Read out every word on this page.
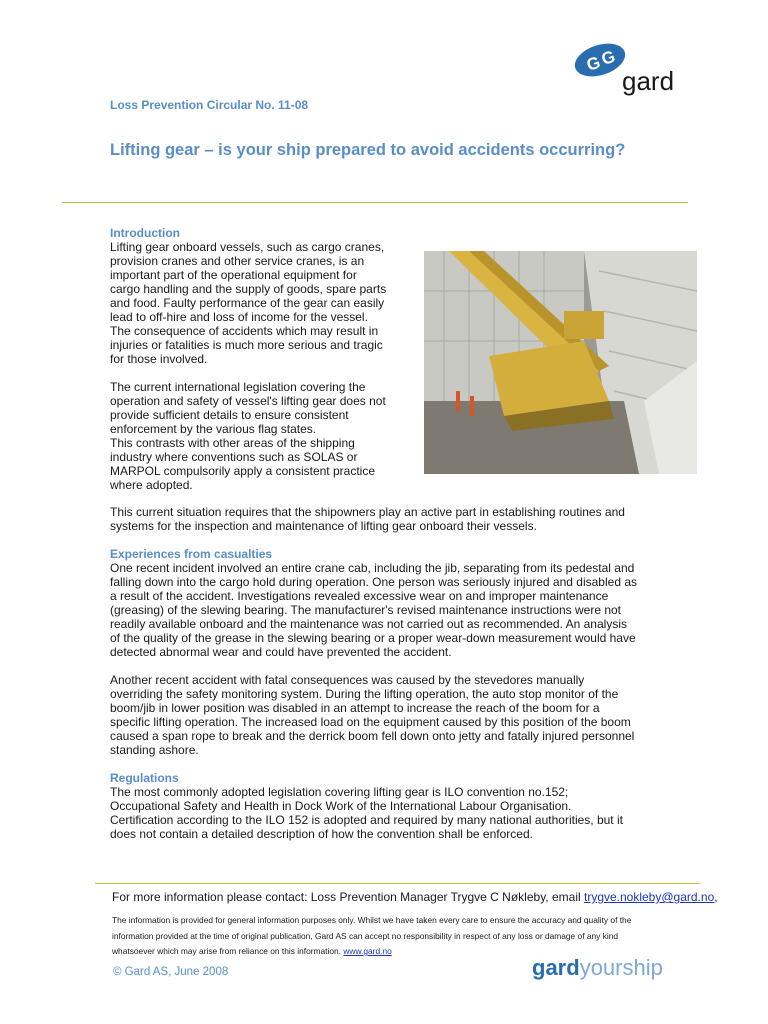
G
G
gard
Loss Prevention Circular No. 11-08
Lifting gear – is your ship prepared to avoid accidents occurring?

Introduction

Lifting gear onboard vessels, such as cargo cranes,
provision cranes and other service cranes, is an
important part of the operational equipment for
cargo handling and the supply of goods, spare parts
and food. Faulty performance of the gear can easily
lead to off-hire and loss of income for the vessel.
The consequence of accidents which may result in
injuries or fatalities is much more serious and tragic
for those involved.

The current international legislation covering the
operation and safety of vessel's lifting gear does not
provide sufficient details to ensure consistent
enforcement by the various flag states.
This contrasts with other areas of the shipping
industry where conventions such as SOLAS or
MARPOL compulsorily apply a consistent practice
where adopted.

This current situation requires that the shipowners play an active part in establishing routines and
systems for the inspection and maintenance of lifting gear onboard their vessels.

Experiences from casualties

One recent incident involved an entire crane cab, including the jib, separating from its pedestal and
falling down into the cargo hold during operation. One person was seriously injured and disabled as
a result of the accident. Investigations revealed excessive wear on and improper maintenance
(greasing) of the slewing bearing. The manufacturer's revised maintenance instructions were not
readily available onboard and the maintenance was not carried out as recommended. An analysis
of the quality of the grease in the slewing bearing or a proper wear-down measurement would have
detected abnormal wear and could have prevented the accident.

Another recent accident with fatal consequences was caused by the stevedores manually
overriding the safety monitoring system. During the lifting operation, the auto stop monitor of the
boom/jib in lower position was disabled in an attempt to increase the reach of the boom for a
specific lifting operation. The increased load on the equipment caused by this position of the boom
caused a span rope to break and the derrick boom fell down onto jetty and fatally injured personnel
standing ashore.

Regulations

The most commonly adopted legislation covering lifting gear is ILO convention no.152;
Occupational Safety and Health in Dock Work of the International Labour Organisation.
Certification according to the ILO 152 is adopted and required by many national authorities, but it
does not contain a detailed description of how the convention shall be enforced.

For more information please contact: Loss Prevention Manager Trygve C Nøkleby, email trygve.nokleby@gard.no,

The information is provided for general information purposes only. Whilst we have taken every care to ensure the accuracy and quality of the
information provided at the time of original publication, Gard AS can accept no responsibility in respect of any loss or damage of any kind
whatsoever which may arise from reliance on this information. www.gard.no

© Gard AS, June 2008	gardyourship
